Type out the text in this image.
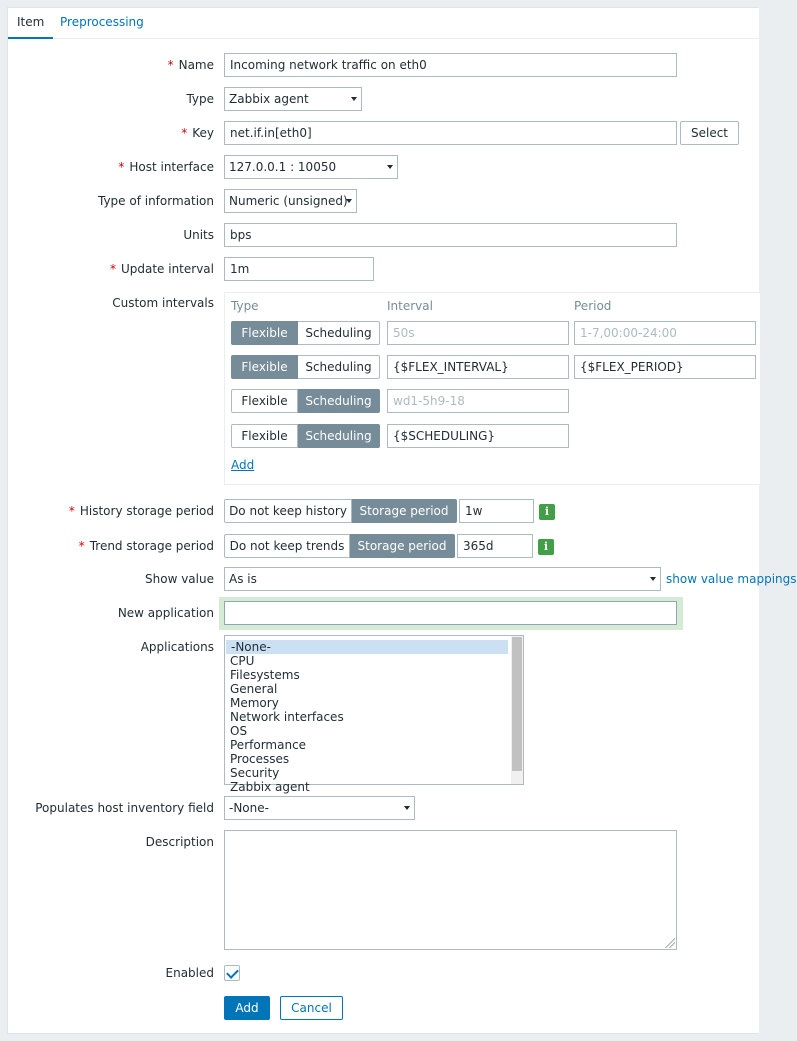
Item	Preprocessing
* Name	Incoming network traffic on eth0
Type	Zabbix agent
* Key	net.if.in[eth0]	Select
* Host interface	127.0.0.1 : 10050
Type of information	Numeric (unsigned)
Units	bps
* Update interval	1m
Custom intervals Type	Interval	Period
Flexible	Scheduling	50s	1-7,00:00-24:00
Flexible	Scheduling	{$FLEX_INTERVAL}	{$FLEX_PERIOD}
Flexible	Scheduling	wd1-5h9-18
Flexible	Scheduling	{$SCHEDULING}
Add
* History storage period	Do not keep history	Storage period	1w	i
* Trend storage period	Do not keep trends	Storage period	365d	i
Show value	As is	show value mappings
New application
Applications	-None-
CPU
Filesystems
General
Memory
Network interfaces
OS
Performance
Processes
Security
Zabbix agent
Populates host inventory field	-None-
Description
Enabled
Add	Cancel
